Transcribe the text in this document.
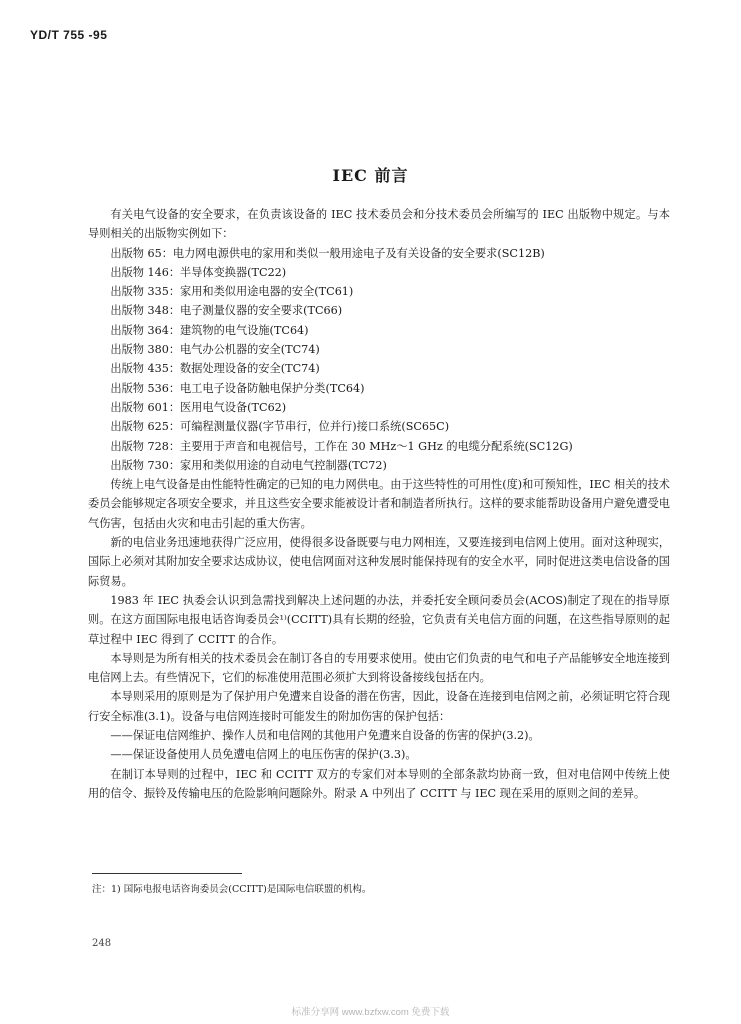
YD/T 755 -95
IEC 前言

有关电气设备的安全要求，在负责该设备的 IEC 技术委员会和分技术委员会所编写的 IEC 出版物中规定。与本导则相关的出版物实例如下：

出版物 65：电力网电源供电的家用和类似一般用途电子及有关设备的安全要求(SC12B)

出版物 146：半导体变换器(TC22)

出版物 335：家用和类似用途电器的安全(TC61)

出版物 348：电子测量仪器的安全要求(TC66)

出版物 364：建筑物的电气设施(TC64)

出版物 380：电气办公机器的安全(TC74)

出版物 435：数据处理设备的安全(TC74)

出版物 536：电工电子设备防触电保护分类(TC64)

出版物 601：医用电气设备(TC62)

出版物 625：可编程测量仪器(字节串行，位并行)接口系统(SC65C)

出版物 728：主要用于声音和电视信号，工作在 30 MHz～1 GHz 的电缆分配系统(SC12G)

出版物 730：家用和类似用途的自动电气控制器(TC72)

传统上电气设备是由性能特性确定的已知的电力网供电。由于这些特性的可用性(度)和可预知性，IEC 相关的技术委员会能够规定各项安全要求，并且这些安全要求能被设计者和制造者所执行。这样的要求能帮助设备用户避免遭受电气伤害，包括由火灾和电击引起的重大伤害。

新的电信业务迅速地获得广泛应用，使得很多设备既要与电力网相连，又要连接到电信网上使用。面对这种现实，国际上必须对其附加安全要求达成协议，使电信网面对这种发展时能保持现有的安全水平，同时促进这类电信设备的国际贸易。

1983 年 IEC 执委会认识到急需找到解决上述问题的办法，并委托安全顾问委员会(ACOS)制定了现在的指导原则。在这方面国际电报电话咨询委员会¹⁾(CCITT)具有长期的经验，它负责有关电信方面的问题，在这些指导原则的起草过程中 IEC 得到了 CCITT 的合作。

本导则是为所有相关的技术委员会在制订各自的专用要求使用。使由它们负责的电气和电子产品能够安全地连接到电信网上去。有些情况下，它们的标准使用范围必须扩大到将设备接线包括在内。

本导则采用的原则是为了保护用户免遭来自设备的潜在伤害，因此，设备在连接到电信网之前，必须证明它符合现行安全标准(3.1)。设备与电信网连接时可能发生的附加伤害的保护包括：

——保证电信网维护、操作人员和电信网的其他用户免遭来自设备的伤害的保护(3.2)。

——保证设备使用人员免遭电信网上的电压伤害的保护(3.3)。

在制订本导则的过程中，IEC 和 CCITT 双方的专家们对本导则的全部条款均协商一致，但对电信网中传统上使用的信令、振铃及传输电压的危险影响问题除外。附录 A 中列出了 CCITT 与 IEC 现在采用的原则之间的差异。

注：1) 国际电报电话咨询委员会(CCITT)是国际电信联盟的机构。
248
标准分享网 www.bzfxw.com 免费下载
